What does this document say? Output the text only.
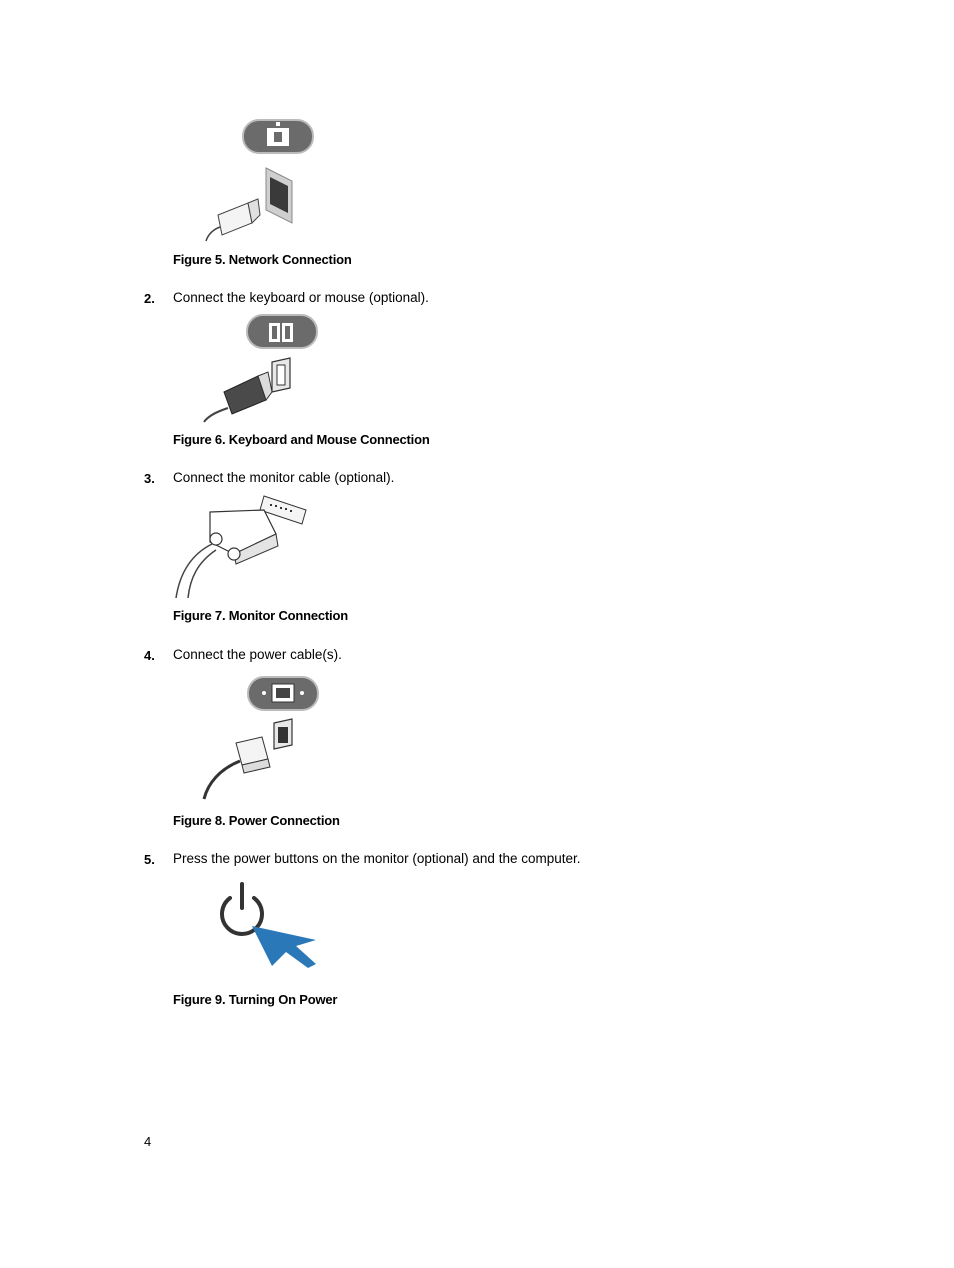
Figure 5. Network Connection
2. Connect the keyboard or mouse (optional).
Figure 6. Keyboard and Mouse Connection
3. Connect the monitor cable (optional).
Figure 7. Monitor Connection
4. Connect the power cable(s).
Figure 8. Power Connection
5. Press the power buttons on the monitor (optional) and the computer.
Figure 9. Turning On Power
4
